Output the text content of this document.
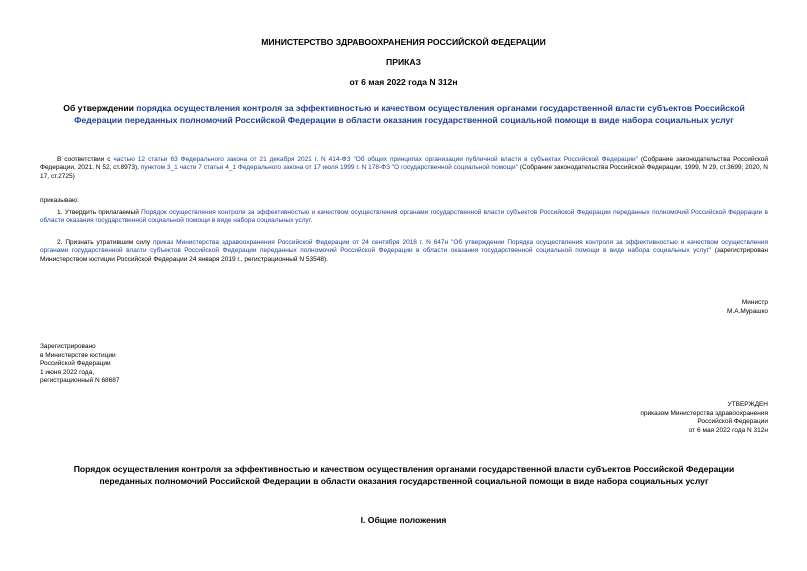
МИНИСТЕРСТВО ЗДРАВООХРАНЕНИЯ РОССИЙСКОЙ ФЕДЕРАЦИИ
ПРИКАЗ
от 6 мая 2022 года N 312н
Об утверждении порядка осуществления контроля за эффективностью и качеством осуществления органами государственной власти субъектов Российской Федерации переданных полномочий Российской Федерации в области оказания государственной социальной помощи в виде набора социальных услуг
В соответствии с частью 12 статьи 63 Федерального закона от 21 декабря 2021 г. N 414-ФЗ "Об общих принципах организации публичной власти в субъектах Российской Федерации" (Собрание законодательства Российской Федерации, 2021, N 52, ст.8973), пунктом 3_1 части 7 статьи 4_1 Федерального закона от 17 июля 1999 г. N 178-ФЗ "О государственной социальной помощи" (Собрание законодательства Российской Федерации, 1999, N 29, ст.3699; 2020, N 17, ст.2725)
приказываю:
1. Утвердить прилагаемый Порядок осуществления контроля за эффективностью и качеством осуществления органами государственной власти субъектов Российской Федерации переданных полномочий Российской Федерации в области оказания государственной социальной помощи в виде набора социальных услуг.
2. Признать утратившим силу приказ Министерства здравоохранения Российской Федерации от 24 сентября 2018 г. N 647н "Об утверждении Порядка осуществления контроля за эффективностью и качеством осуществления органами государственной власти субъектов Российской Федерации переданных полномочий Российской Федерации в области оказания государственной социальной помощи в виде набора социальных услуг" (зарегистрирован Министерством юстиции Российской Федерации 24 января 2019 г., регистрационный N 53548).
Министр
М.А.Мурашко
Зарегистрировано
в Министерстве юстиции
Российской Федерации
1 июня 2022 года,
регистрационный N 68687
УТВЕРЖДЕН
приказом Министерства здравоохранения
Российской Федерации
от 6 мая 2022 года N 312н
Порядок осуществления контроля за эффективностью и качеством осуществления органами государственной власти субъектов Российской Федерации переданных полномочий Российской Федерации в области оказания государственной социальной помощи в виде набора социальных услуг
I. Общие положения
